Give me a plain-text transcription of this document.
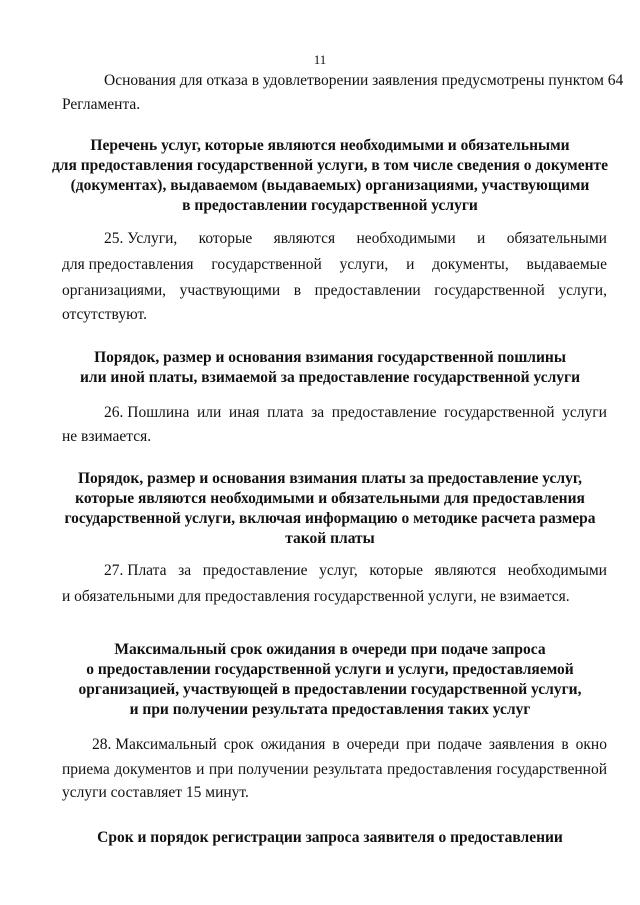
11
Основания для отказа в удовлетворении заявления предусмотрены пунктом 64
Регламента.
Перечень услуг, которые являются необходимыми и обязательными
для предоставления государственной услуги, в том числе сведения о документе
(документах), выдаваемом (выдаваемых) организациями, участвующими
в предоставлении государственной услуги
25. Услуги, которые являются необходимыми и обязательными
для предоставления государственной услуги, и документы, выдаваемые
организациями, участвующими в предоставлении государственной услуги,
отсутствуют.
Порядок, размер и основания взимания государственной пошлины
или иной платы, взимаемой за предоставление государственной услуги
26. Пошлина или иная плата за предоставление государственной услуги
не взимается.
Порядок, размер и основания взимания платы за предоставление услуг,
которые являются необходимыми и обязательными для предоставления
государственной услуги, включая информацию о методике расчета размера
такой платы
27. Плата за предоставление услуг, которые являются необходимыми
и обязательными для предоставления государственной услуги, не взимается.
Максимальный срок ожидания в очереди при подаче запроса
о предоставлении государственной услуги и услуги, предоставляемой
организацией, участвующей в предоставлении государственной услуги,
и при получении результата предоставления таких услуг
28. Максимальный срок ожидания в очереди при подаче заявления в окно
приема документов и при получении результата предоставления государственной
услуги составляет 15 минут.
Срок и порядок регистрации запроса заявителя о предоставлении
